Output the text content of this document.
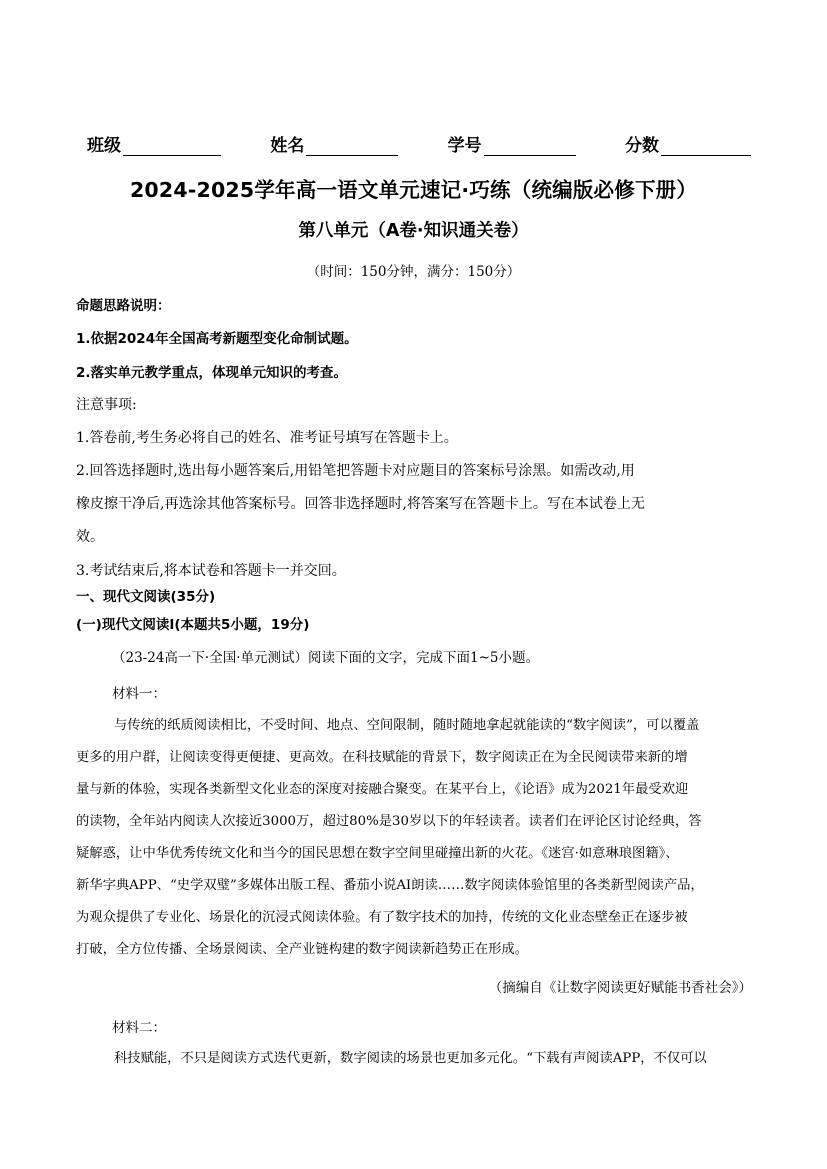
班级	姓名	学号	分数
2024-2025学年高一语文单元速记·巧练（统编版必修下册）
第八单元（A卷·知识通关卷）
（时间：150分钟，满分：150分）
命题思路说明：
1.依据2024年全国高考新题型变化命制试题。
2.落实单元教学重点，体现单元知识的考查。
注意事项:
1.答卷前,考生务必将自己的姓名、准考证号填写在答题卡上。
2.回答选择题时,选出每小题答案后,用铅笔把答题卡对应题目的答案标号涂黑。如需改动,用
橡皮擦干净后,再选涂其他答案标号。回答非选择题时,将答案写在答题卡上。写在本试卷上无
效。
3.考试结束后,将本试卷和答题卡一并交回。
一、现代文阅读(35分)
(一)现代文阅读Ⅰ(本题共5小题，19分)
（23-24高一下·全国·单元测试）阅读下面的文字，完成下面1~5小题。
材料一：
与传统的纸质阅读相比，不受时间、地点、空间限制，随时随地拿起就能读的“数字阅读”，可以覆盖
更多的用户群，让阅读变得更便捷、更高效。在科技赋能的背景下，数字阅读正在为全民阅读带来新的增
量与新的体验，实现各类新型文化业态的深度对接融合聚变。在某平台上，《论语》成为2021年最受欢迎
的读物，全年站内阅读人次接近3000万，超过80%是30岁以下的年轻读者。读者们在评论区讨论经典，答
疑解惑，让中华优秀传统文化和当今的国民思想在数字空间里碰撞出新的火花。《迷宫·如意琳琅图籍》、
新华字典APP、“史学双璧”多媒体出版工程、番茄小说AI朗读……数字阅读体验馆里的各类新型阅读产品，
为观众提供了专业化、场景化的沉浸式阅读体验。有了数字技术的加持，传统的文化业态壁垒正在逐步被
打破，全方位传播、全场景阅读、全产业链构建的数字阅读新趋势正在形成。
（摘编自《让数字阅读更好赋能书香社会》）
材料二：
科技赋能，不只是阅读方式迭代更新，数字阅读的场景也更加多元化。“下载有声阅读APP，不仅可以
